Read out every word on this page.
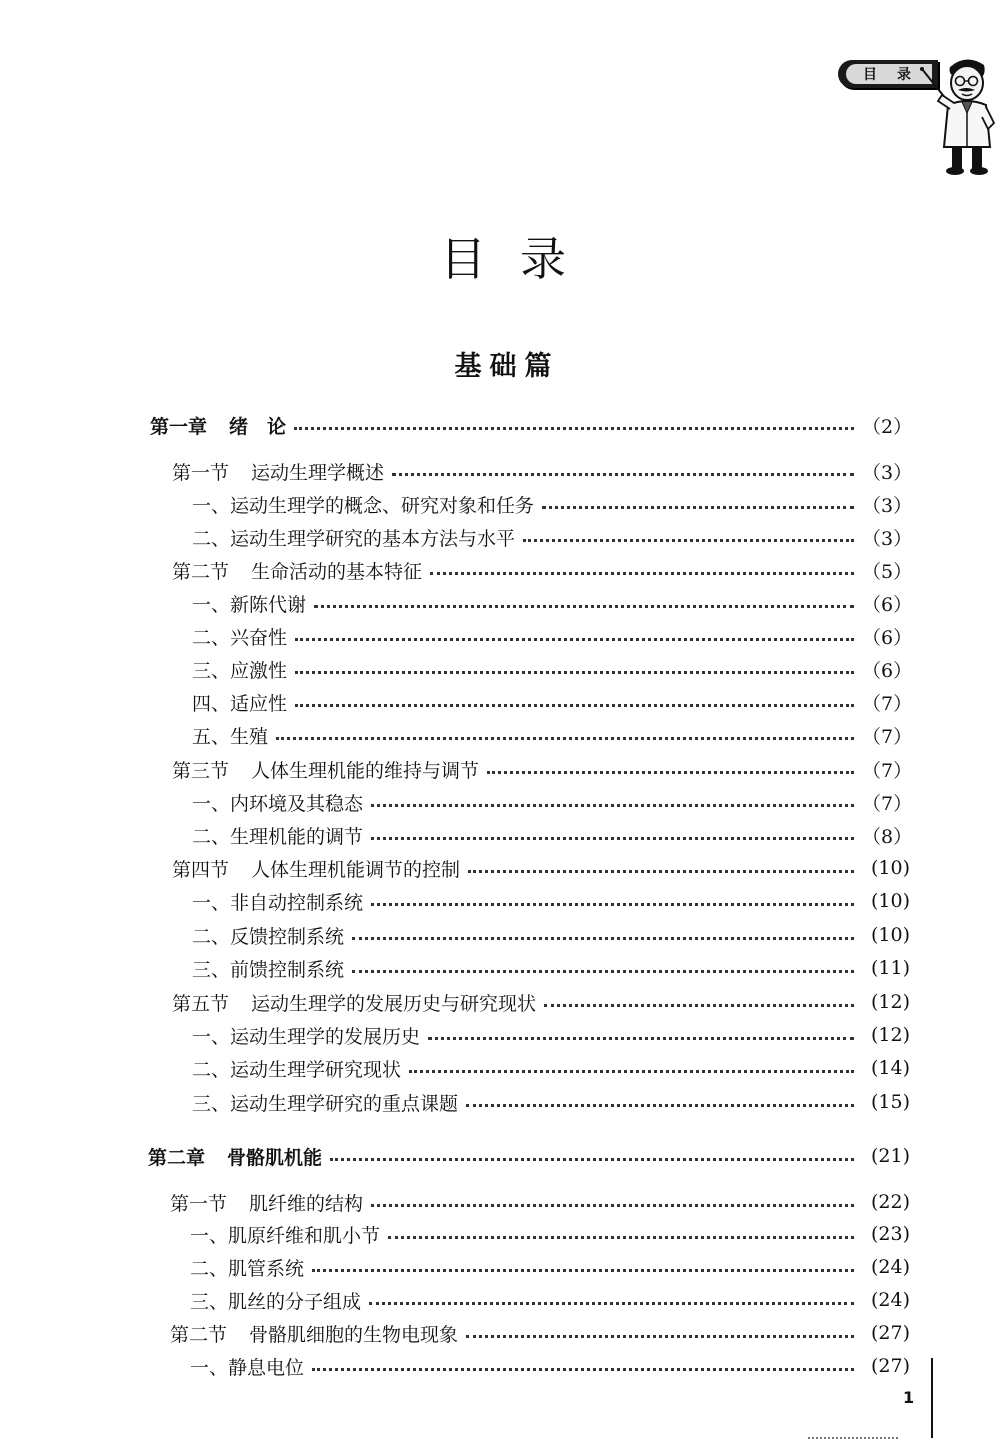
目 录
目录
基础篇
第一章 绪　论	（2）
第一节 运动生理学概述	（3）
一、运动生理学的概念、研究对象和任务	（3）
二、运动生理学研究的基本方法与水平	（3）
第二节 生命活动的基本特征	（5）
一、新陈代谢	（6）
二、兴奋性	（6）
三、应激性	（6）
四、适应性	（7）
五、生殖	（7）
第三节 人体生理机能的维持与调节	（7）
一、内环境及其稳态	（7）
二、生理机能的调节	（8）
第四节 人体生理机能调节的控制	(10)
一、非自动控制系统	(10)
二、反馈控制系统	(10)
三、前馈控制系统	(11)
第五节 运动生理学的发展历史与研究现状	(12)
一、运动生理学的发展历史	(12)
二、运动生理学研究现状	(14)
三、运动生理学研究的重点课题	(15)
第二章 骨骼肌机能	(21)
第一节 肌纤维的结构	(22)
一、肌原纤维和肌小节	(23)
二、肌管系统	(24)
三、肌丝的分子组成	(24)
第二节 骨骼肌细胞的生物电现象	(27)
一、静息电位	(27)
1
